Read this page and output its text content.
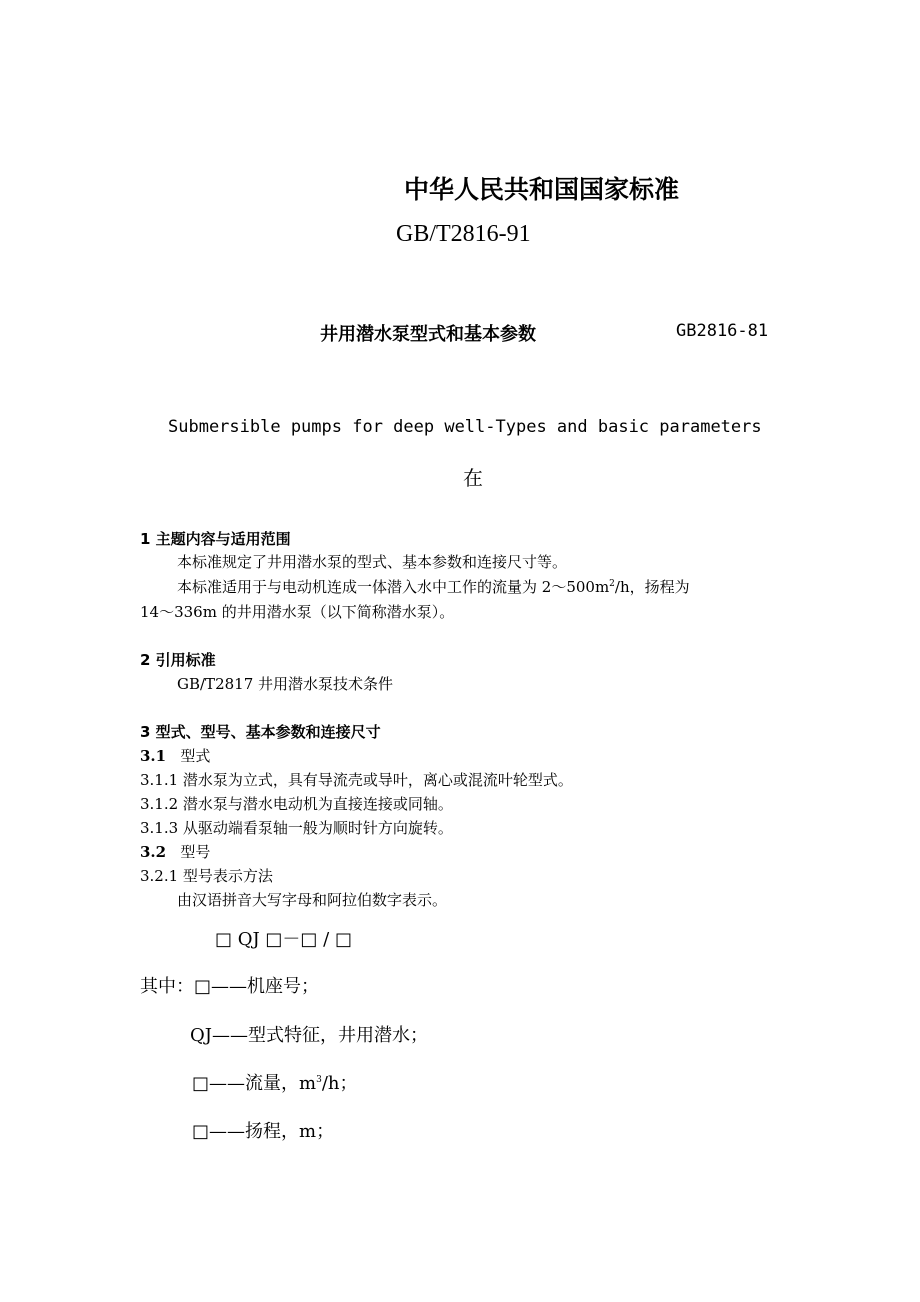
中华人民共和国国家标准
GB/T2816-91
井用潜水泵型式和基本参数	GB2816-81
Submersible pumps for deep well-Types and basic parameters
在
1 主题内容与适用范围
本标准规定了井用潜水泵的型式、基本参数和连接尺寸等。
本标准适用于与电动机连成一体潜入水中工作的流量为 $2\sim 500m^2/h$，扬程为
14～336m 的井用潜水泵（以下简称潜水泵）。
2 引用标准
GB/T2817 井用潜水泵技术条件
3 型式、型号、基本参数和连接尺寸
3.1 型式
3.1.1 潜水泵为立式，具有导流壳或导叶，离心或混流叶轮型式。
3.1.2 潜水泵与潜水电动机为直接连接或同轴。
3.1.3 从驱动端看泵轴一般为顺时针方向旋转。
3.2 型号
3.2.1 型号表示方法
由汉语拼音大写字母和阿拉伯数字表示。
□ QJ □－□ / □
其中：□——机座号；
QJ——型式特征，井用潜水；
□——流量，$m^3/h$；
□——扬程，m；
